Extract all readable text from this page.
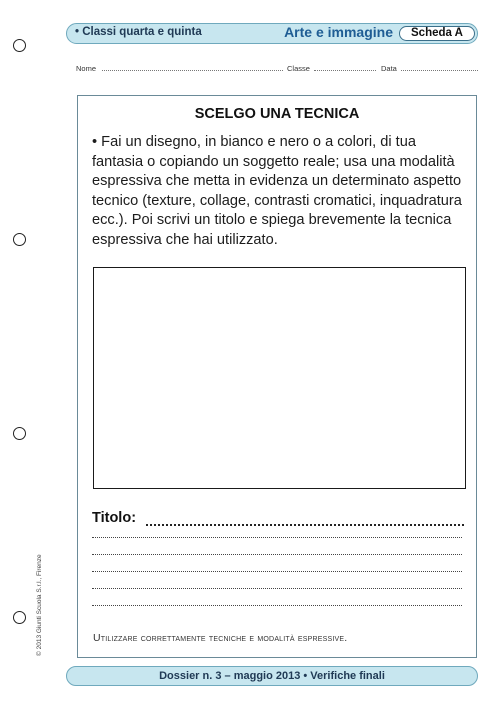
• Classi quarta e quinta	Arte e immagine	Scheda A
Nome	Classe	Data
SCELGO UNA TECNICA
• Fai un disegno, in bianco e nero o a colori, di tua fantasia o copiando un soggetto reale; usa una modalità espressiva che metta in evidenza un determinato aspetto tecnico (texture, collage, contrasti cromatici, inquadratura ecc.). Poi scrivi un titolo e spiega brevemente la tecnica espressiva che hai utilizzato.
Titolo:
Utilizzare correttamente tecniche e modalità espressive.
© 2013 Giunti Scuola S.r.l., Firenze
Dossier n. 3 – maggio 2013 • Verifiche finali
